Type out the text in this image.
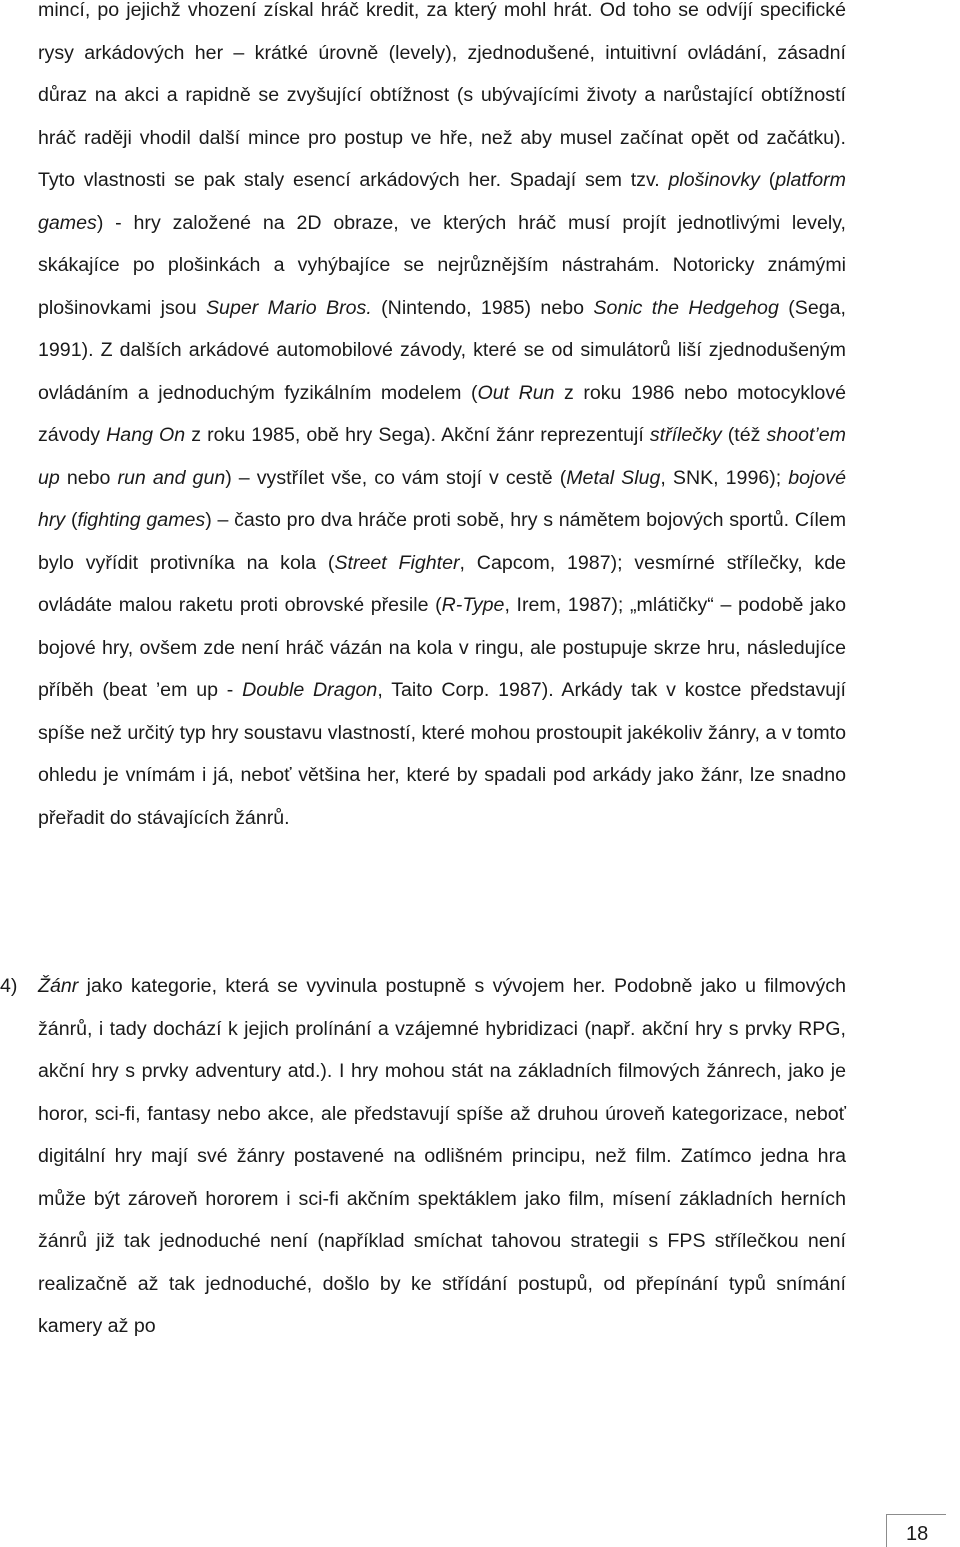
mincí, po jejichž vhození získal hráč kredit, za který mohl hrát. Od toho se odvíjí specifické rysy arkádových her – krátké úrovně (levely), zjednodušené, intuitivní ovládání, zásadní důraz na akci a rapidně se zvyšující obtížnost (s ubývajícími životy a narůstající obtížností hráč raději vhodil další mince pro postup ve hře, než aby musel začínat opět od začátku). Tyto vlastnosti se pak staly esencí arkádových her. Spadají sem tzv. plošinovky (platform games) - hry založené na 2D obraze, ve kterých hráč musí projít jednotlivými levely, skákajíce po plošinkách a vyhýbajíce se nejrůznějším nástrahám. Notoricky známými plošinovkami jsou Super Mario Bros. (Nintendo, 1985) nebo Sonic the Hedgehog (Sega, 1991). Z dalších arkádové automobilové závody, které se od simulátorů liší zjednodušeným ovládáním a jednoduchým fyzikálním modelem (Out Run z roku 1986 nebo motocyklové závody Hang On z roku 1985, obě hry Sega). Akční žánr reprezentují střílečky (též shoot’em up nebo run and gun) – vystřílet vše, co vám stojí v cestě (Metal Slug, SNK, 1996); bojové hry (fighting games) – často pro dva hráče proti sobě, hry s námětem bojových sportů. Cílem bylo vyřídit protivníka na kola (Street Fighter, Capcom, 1987); vesmírné střílečky, kde ovládáte malou raketu proti obrovské přesile (R-Type, Irem, 1987); „mlátičky“ – podobě jako bojové hry, ovšem zde není hráč vázán na kola v ringu, ale postupuje skrze hru, následujíce příběh (beat ’em up - Double Dragon, Taito Corp. 1987). Arkády tak v kostce představují spíše než určitý typ hry soustavu vlastností, které mohou prostoupit jakékoliv žánry, a v tomto ohledu je vnímám i já, neboť většina her, které by spadali pod arkády jako žánr, lze snadno přeřadit do stávajících žánrů.

4) Žánr jako kategorie, která se vyvinula postupně s vývojem her. Podobně jako u filmových žánrů, i tady dochází k jejich prolínání a vzájemné hybridizaci (např. akční hry s prvky RPG, akční hry s prvky adventury atd.). I hry mohou stát na základních filmových žánrech, jako je horor, sci-fi, fantasy nebo akce, ale představují spíše až druhou úroveň kategorizace, neboť digitální hry mají své žánry postavené na odlišném principu, než film. Zatímco jedna hra může být zároveň hororem i sci-fi akčním spektáklem jako film, mísení základních herních žánrů již tak jednoduché není (například smíchat tahovou strategii s FPS střílečkou není realizačně až tak jednoduché, došlo by ke střídání postupů, od přepínání typů snímání kamery až po

18
